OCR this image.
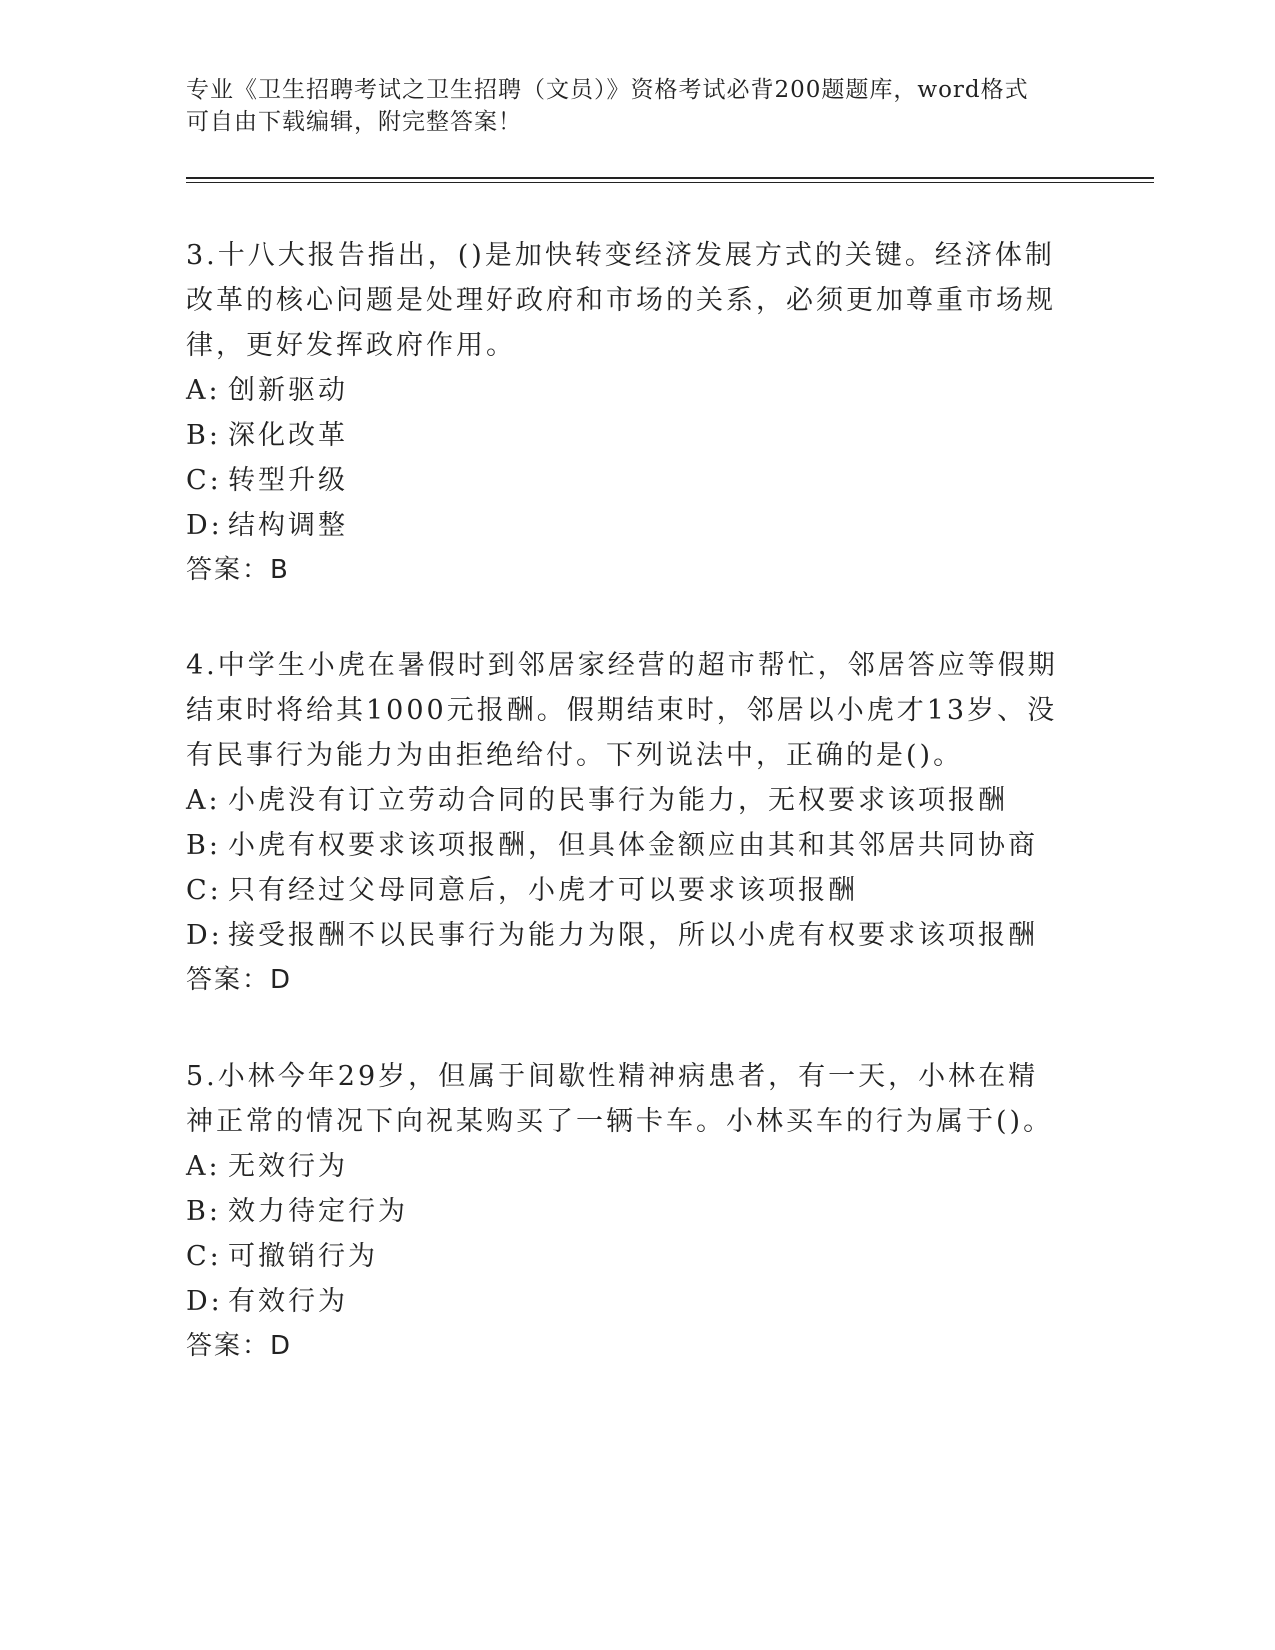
专业《卫生招聘考试之卫生招聘（文员）》资格考试必背200题题库，word格式
可自由下载编辑，附完整答案！
3.十八大报告指出，()是加快转变经济发展方式的关键。经济体制改革的核心问题是处理好政府和市场的关系，必须更加尊重市场规律，更好发挥政府作用。
A: 创新驱动
B: 深化改革
C: 转型升级
D: 结构调整
答案：B
4.中学生小虎在暑假时到邻居家经营的超市帮忙，邻居答应等假期结束时将给其1000元报酬。假期结束时，邻居以小虎才13岁、没有民事行为能力为由拒绝给付。下列说法中，正确的是()。
A: 小虎没有订立劳动合同的民事行为能力，无权要求该项报酬
B: 小虎有权要求该项报酬，但具体金额应由其和其邻居共同协商
C: 只有经过父母同意后，小虎才可以要求该项报酬
D: 接受报酬不以民事行为能力为限，所以小虎有权要求该项报酬
答案：D
5.小林今年29岁，但属于间歇性精神病患者，有一天，小林在精神正常的情况下向祝某购买了一辆卡车。小林买车的行为属于()。
A: 无效行为
B: 效力待定行为
C: 可撤销行为
D: 有效行为
答案：D
